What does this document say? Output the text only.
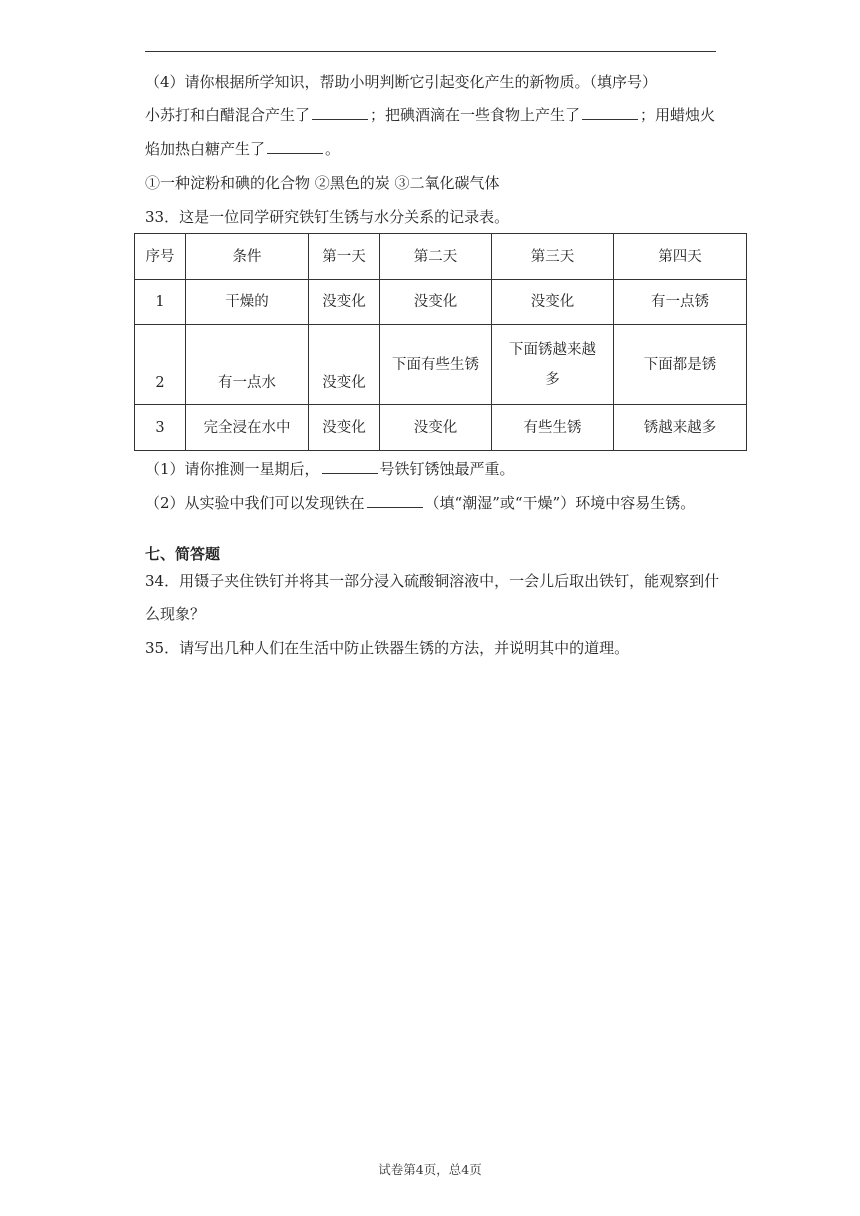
（4）请你根据所学知识，帮助小明判断它引起变化产生的新物质。（填序号）
小苏打和白醋混合产生了	；把碘酒滴在一些食物上产生了	；用蜡烛火
焰加热白糖产生了	。
①一种淀粉和碘的化合物 ②黑色的炭 ③二氧化碳气体
33．这是一位同学研究铁钉生锈与水分关系的记录表。
序号	条件	第一天	第二天	第三天	第四天
1	干燥的	没变化	没变化	没变化	有一点锈
2	有一点水	没变化	下面有些生锈	下面锈越来越多	下面都是锈
3	完全浸在水中	没变化	没变化	有些生锈	锈越来越多
（1）请你推测一星期后，	号铁钉锈蚀最严重。
（2）从实验中我们可以发现铁在	（填“潮湿”或“干燥”）环境中容易生锈。
七、简答题
34．用镊子夹住铁钉并将其一部分浸入硫酸铜溶液中，一会儿后取出铁钉，能观察到什
么现象？
35．请写出几种人们在生活中防止铁器生锈的方法，并说明其中的道理。
试卷第4页，总4页
